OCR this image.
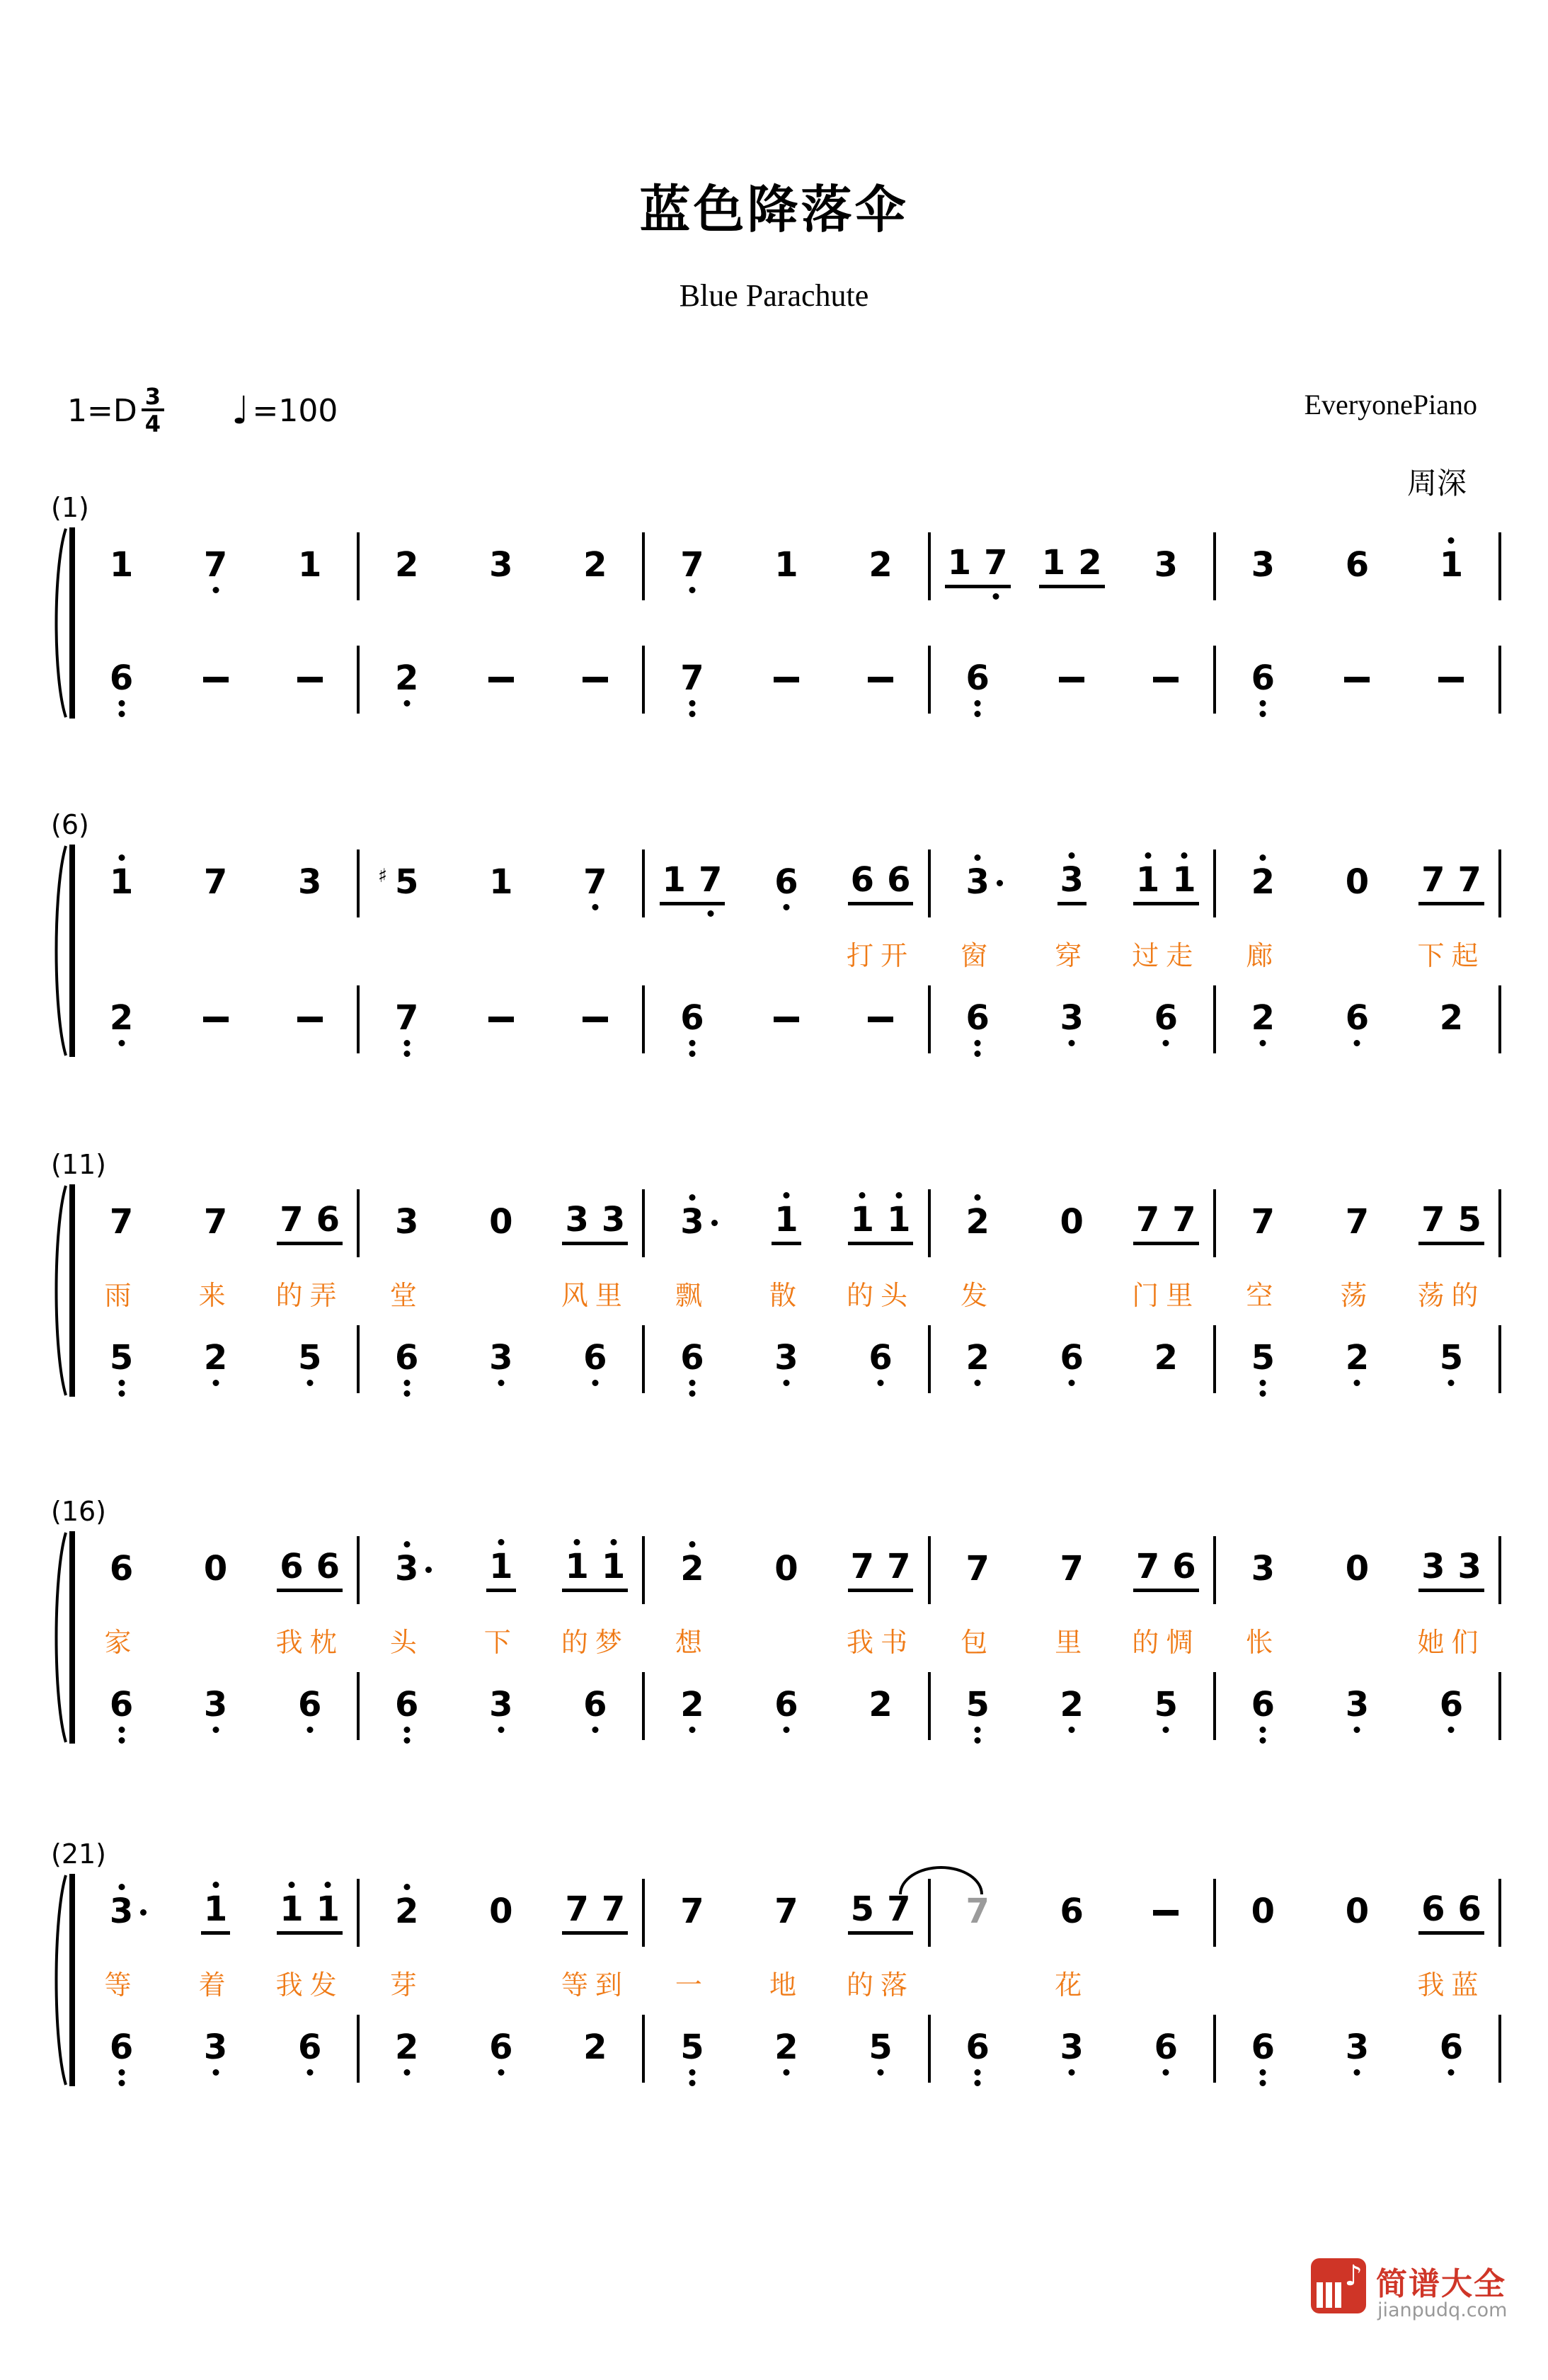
蓝色降落伞
Blue Parachute
$1=D \frac{3}{4}$ ♩ =100	EveryonePiano
周深
(1)
1 7 1 2 3 2 7 1 2 1 7 1 2 3 3 6 1
6	2	7	6	6
(6)
1 7 3	♯ 5 1 7 1 7 6 6 6 3 3 1 1 2 0 7 7
打开 窗 穿 过走 廊	下起
2	7	6	6 3 6 2 6 2
(11)
7 7 7 6 3 0 3 3 3 1 1 1 2 0 7 7 7 7 7 5
雨 来 的弄 堂	风里 飘 散 的头 发	门里 空 荡 荡的
5 2 5 6 3 6 6 3 6 2 6 2 5 2 5
(16)
6 0 6 6 3 1 1 1 2 0 7 7 7 7 7 6 3 0 3 3
家	我枕 头 下 的梦 想	我书 包 里 的惆 怅	她们
6 3 6 6 3 6 2 6 2 5 2 5 6 3 6
(21)
3 1 1 1 2 0 7 7 7 7 5 7 7 6	0 0 6 6
等 着 我发 芽	等到 一 地 的落	花	我蓝
6 3 6 2 6 2 5 2 5 6 3 6 6 3 6
♪ 简谱大全
jianpudq.com
